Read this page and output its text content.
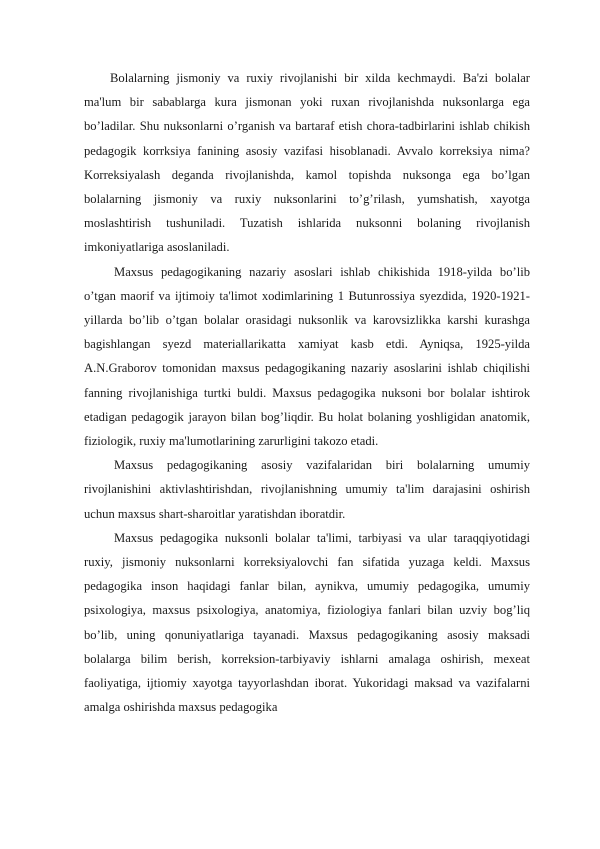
Bolalarning jismoniy va ruxiy rivojlanishi bir xilda kechmaydi. Ba'zi bolalar ma'lum bir sabablarga kura jismonan yoki ruxan rivojlanishda nuksonlarga ega bo’ladilar. Shu nuksonlarni o’rganish va bartaraf etish chora-tadbirlarini ishlab chikish pedagogik korrksiya fanining asosiy vazifasi hisoblanadi. Avvalo korreksiya nima? Korreksiyalash deganda rivojlanishda, kamol topishda nuksonga ega bo’lgan bolalarning jismoniy va ruxiy nuksonlarini to’g’rilash, yumshatish, xayotga moslashtirish tushuniladi. Tuzatish ishlarida nuksonni bolaning rivojlanish imkoniyatlariga asoslaniladi.

Maxsus pedagogikaning nazariy asoslari ishlab chikishida 1918-yilda bo’lib o’tgan maorif va ijtimoiy ta'limot xodimlarining 1 Butunrossiya syezdida, 1920-1921-yillarda bo’lib o’tgan bolalar orasidagi nuksonlik va karovsizlikka karshi kurashga bagishlangan syezd materiallarikatta xamiyat kasb etdi. Ayniqsa, 1925-yilda A.N.Graborov tomonidan maxsus pedagogikaning nazariy asoslarini ishlab chiqilishi fanning rivojlanishiga turtki buldi. Maxsus pedagogika nuksoni bor bolalar ishtirok etadigan pedagogik jarayon bilan bog’liqdir. Bu holat bolaning yoshligidan anatomik, fiziologik, ruxiy ma'lumotlarining zarurligini takozo etadi.

Maxsus pedagogikaning asosiy vazifalaridan biri bolalarning umumiy rivojlanishini aktivlashtirishdan, rivojlanishning umumiy ta'lim darajasini oshirish uchun maxsus shart-sharoitlar yaratishdan iboratdir.

Maxsus pedagogika nuksonli bolalar ta'limi, tarbiyasi va ular taraqqiyotidagi ruxiy, jismoniy nuksonlarni korreksiyalovchi fan sifatida yuzaga keldi. Maxsus pedagogika inson haqidagi fanlar bilan, aynikva, umumiy pedagogika, umumiy psixologiya, maxsus psixologiya, anatomiya, fiziologiya fanlari bilan uzviy bog’liq bo’lib, uning qonuniyatlariga tayanadi. Maxsus pedagogikaning asosiy maksadi bolalarga bilim berish, korreksion-tarbiyaviy ishlarni amalaga oshirish, mexeat faoliyatiga, ijtiomiy xayotga tayyorlashdan iborat. Yukoridagi maksad va vazifalarni amalga oshirishda maxsus pedagogika
